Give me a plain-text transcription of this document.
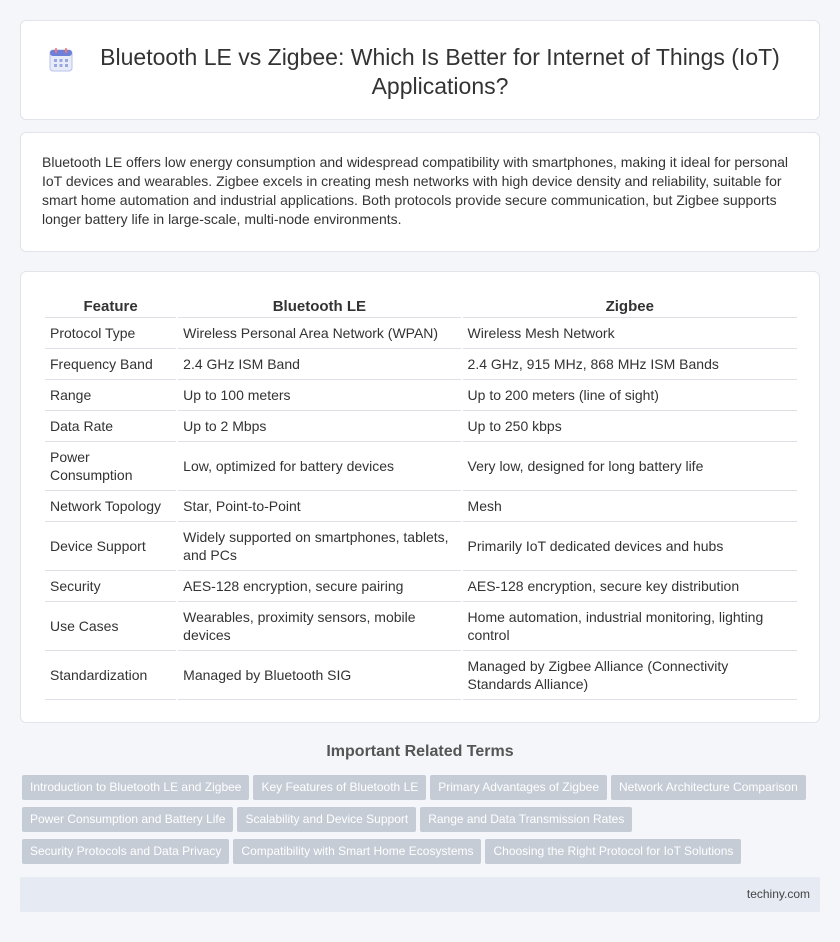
Bluetooth LE vs Zigbee: Which Is Better for Internet of Things (IoT) Applications?

Bluetooth LE offers low energy consumption and widespread compatibility with smartphones, making it ideal for personal IoT devices and wearables. Zigbee excels in creating mesh networks with high device density and reliability, suitable for smart home automation and industrial applications. Both protocols provide secure communication, but Zigbee supports longer battery life in large-scale, multi-node environments.

Feature	Bluetooth LE	Zigbee
Protocol Type	Wireless Personal Area Network (WPAN)	Wireless Mesh Network
Frequency Band	2.4 GHz ISM Band	2.4 GHz, 915 MHz, 868 MHz ISM Bands
Range	Up to 100 meters	Up to 200 meters (line of sight)
Data Rate	Up to 2 Mbps	Up to 250 kbps
Power Consumption	Low, optimized for battery devices	Very low, designed for long battery life
Network Topology	Star, Point-to-Point	Mesh
Device Support	Widely supported on smartphones, tablets, and PCs	Primarily IoT dedicated devices and hubs
Security	AES-128 encryption, secure pairing	AES-128 encryption, secure key distribution
Use Cases	Wearables, proximity sensors, mobile devices	Home automation, industrial monitoring, lighting control
Standardization	Managed by Bluetooth SIG	Managed by Zigbee Alliance (Connectivity Standards Alliance)
Important Related Terms
Introduction to Bluetooth LE and Zigbee Key Features of Bluetooth LE Primary Advantages of Zigbee Network Architecture Comparison
Power Consumption and Battery Life Scalability and Device Support Range and Data Transmission Rates
Security Protocols and Data Privacy Compatibility with Smart Home Ecosystems Choosing the Right Protocol for IoT Solutions
techiny.com
